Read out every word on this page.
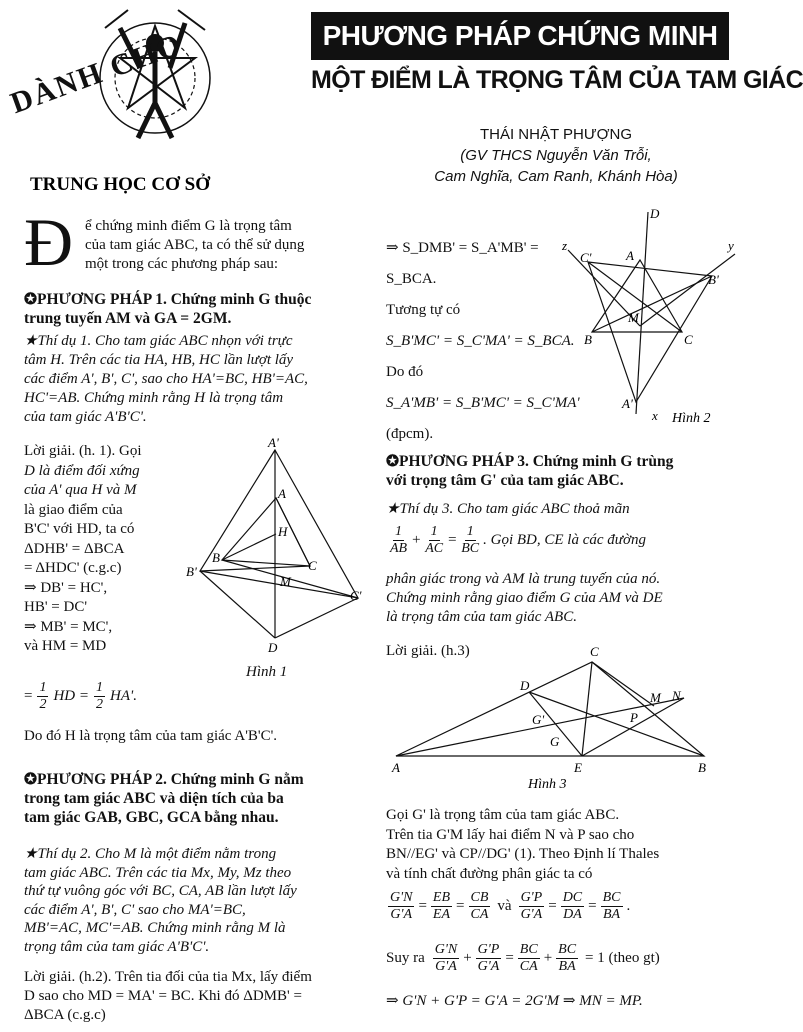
TRUNG HỌC CƠ SỞ
DÀNH CHO	PHƯƠNG PHÁP CHỨNG MINH
MỘT ĐIỂM LÀ TRỌNG TÂM CỦA TAM GIÁC
THÁI NHẬT PHƯỢNG
(GV THCS Nguyễn Văn Trỗi,
Cam Nghĩa, Cam Ranh, Khánh Hòa)
Đ ể chứng minh điểm G là trọng tâm
của tam giác ABC, ta có thể sử dụng
một trong các phương pháp sau:
✪PHƯƠNG PHÁP 1. Chứng minh G thuộc
trung tuyến AM và GA = 2GM.
★Thí dụ 1. Cho tam giác ABC nhọn với trực
tâm H. Trên các tia HA, HB, HC lần lượt lấy
các điểm A', B', C', sao cho HA'=BC, HB'=AC,
HC'=AB. Chứng minh rằng H là trọng tâm
của tam giác A'B'C'.
Lời giải. (h. 1). Gọi
D là điểm đối xứng
của A' qua H và M
là giao điểm của
B'C' với HD, ta có
ΔDHB' = ΔBCA
= ΔHDC' (c.g.c)
⇒ DB' = HC',
HB' = DC'
⇒ MB' = MC',
và HM = MD
= $\frac{1}{2}$ HD = $\frac{1}{2} HA'$.
Do đó H là trọng tâm của tam giác A'B'C'.
A'
A
H
B
B'	C
M
C'
D
Hình 1
✪PHƯƠNG PHÁP 2. Chứng minh G nằm
trong tam giác ABC và diện tích của ba
tam giác GAB, GBC, GCA bằng nhau.
★Thí dụ 2. Cho M là một điểm nằm trong
tam giác ABC. Trên các tia Mx, My, Mz theo
thứ tự vuông góc với BC, CA, AB lần lượt lấy
các điểm A', B', C' sao cho MA'=BC,
MB'=AC, MC'=AB. Chứng minh rằng M là
trọng tâm của tam giác A'B'C'.
Lời giải. (h.2). Trên tia đối của tia Mx, lấy điểm
D sao cho MD = MA' = BC. Khi đó ΔDMB' =
ΔBCA (c.g.c)
⇒ S_DMB' = S_A'MB' = S_BCA.
Tương tự có
S_B'MC' = S_C'MA' = S_BCA.
Do đó
S_A'MB' = S_B'MC' = S_C'MA'
(đpcm).
D
z	y
C'	A
B'
M
B	C
A'
x Hình 2
✪PHƯƠNG PHÁP 3. Chứng minh G trùng
với trọng tâm G' của tam giác ABC.
★Thí dụ 3. Cho tam giác ABC thoả mãn
$\frac{1}{AB} + \frac{1}{AC} = \frac{1}{BC}$ . Gọi BD, CE là các đường
phân giác trong và AM là trung tuyến của nó.
Chứng minh rằng giao điểm G của AM và DE
là trọng tâm của tam giác ABC.
Lời giải. (h.3)	C
D
M N
P
G'
G
A	E	B
Hình 3
Gọi G' là trọng tâm của tam giác ABC.
Trên tia G'M lấy hai điểm N và P sao cho
BN//EG' và CP//DG' (1). Theo Định lí Thales
và tính chất đường phân giác ta có
$\frac{G'N}{G'A} = \frac{EB}{EA} = \frac{CB}{CA}$ và $\frac{G'P}{G'A} = \frac{DC}{DA} = \frac{BC}{BA}$ .
Suy ra $\frac{G'N}{G'A} + \frac{G'P}{G'A} = \frac{BC}{CA} + \frac{BC}{BA} = 1$ (theo gt)
⇒ G'N + G'P = G'A = 2G'M ⇒ MN = MP.
